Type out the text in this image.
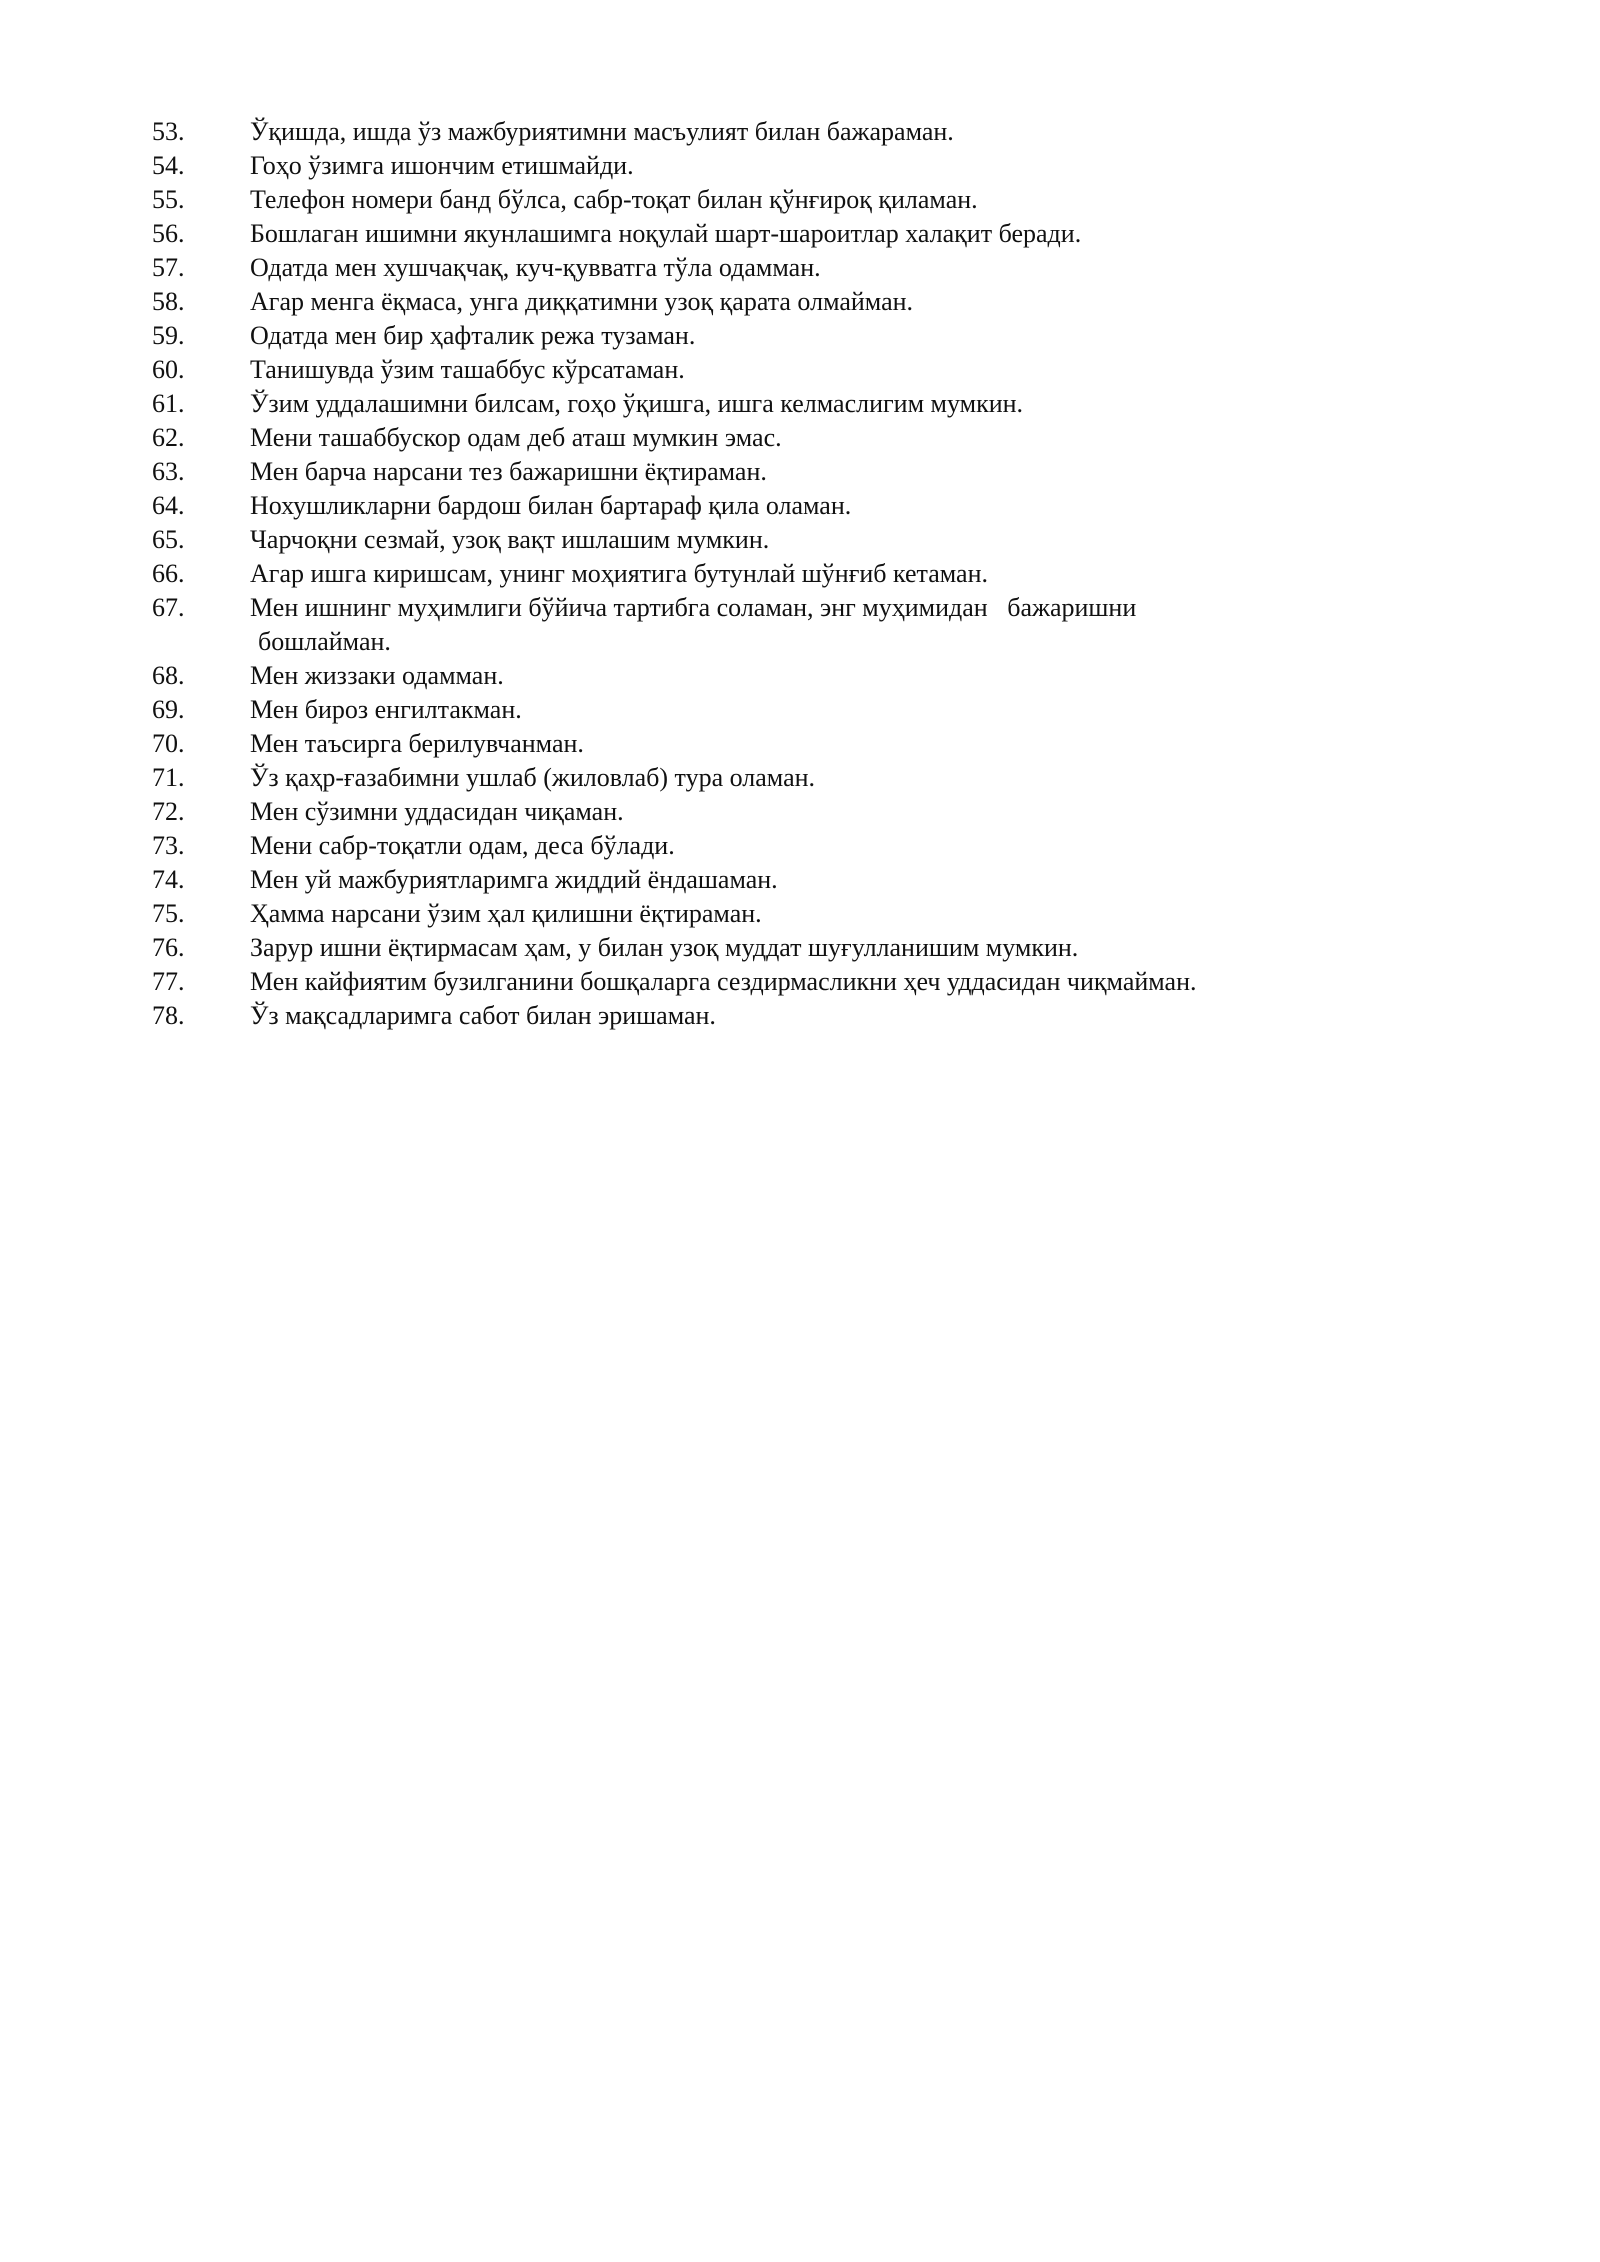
53.	Ўқишда, ишда ўз мажбуриятимни масъулият билан бажараман.
54.	Гоҳо ўзимга ишончим етишмайди.
55.	Телефон номери банд бўлса, сабр-тоқат билан қўнғироқ қиламан.
56.	Бошлаган ишимни якунлашимга ноқулай шарт-шароитлар халақит беради.
57.	Одатда мен хушчақчақ, куч-қувватга тўла одамман.
58.	Агар менга ёқмаса, унга диққатимни узоқ қарата олмайман.
59.	Одатда мен бир ҳафталик режа тузаман.
60.	Танишувда ўзим ташаббус кўрсатаман.
61.	Ўзим уддалашимни билсам, гоҳо ўқишга, ишга келмаслигим мумкин.
62.	Мени ташаббускор одам деб аташ мумкин эмас.
63.	Мен барча нарсани тез бажаришни ёқтираман.
64.	Нохушликларни бардош билан бартараф қила оламан.
65.	Чарчоқни сезмай, узоқ вақт ишлашим мумкин.
66.	Агар ишга киришсам, унинг моҳиятига бутунлай шўнғиб кетаман.
67.	Мен ишнинг муҳимлиги бўйича тартибга соламан, энг муҳимидан   бажаришни
бошлайман.
68.	Мен жиззаки одамман.
69.	Мен бироз енгилтакман.
70.	Мен таъсирга берилувчанман.
71.	Ўз қаҳр-ғазабимни ушлаб (жиловлаб) тура оламан.
72.	Мен сўзимни уддасидан чиқаман.
73.	Мени сабр-тоқатли одам, деса бўлади.
74.	Мен уй мажбуриятларимга жиддий ёндашаман.
75.	Ҳамма нарсани ўзим ҳал қилишни ёқтираман.
76.	Зарур ишни ёқтирмасам ҳам, у билан узоқ муддат шуғулланишим мумкин.
77.	Мен кайфиятим бузилганини бошқаларга сездирмасликни ҳеч уддасидан чиқмайман.
78.	Ўз мақсадларимга сабот билан эришаман.
